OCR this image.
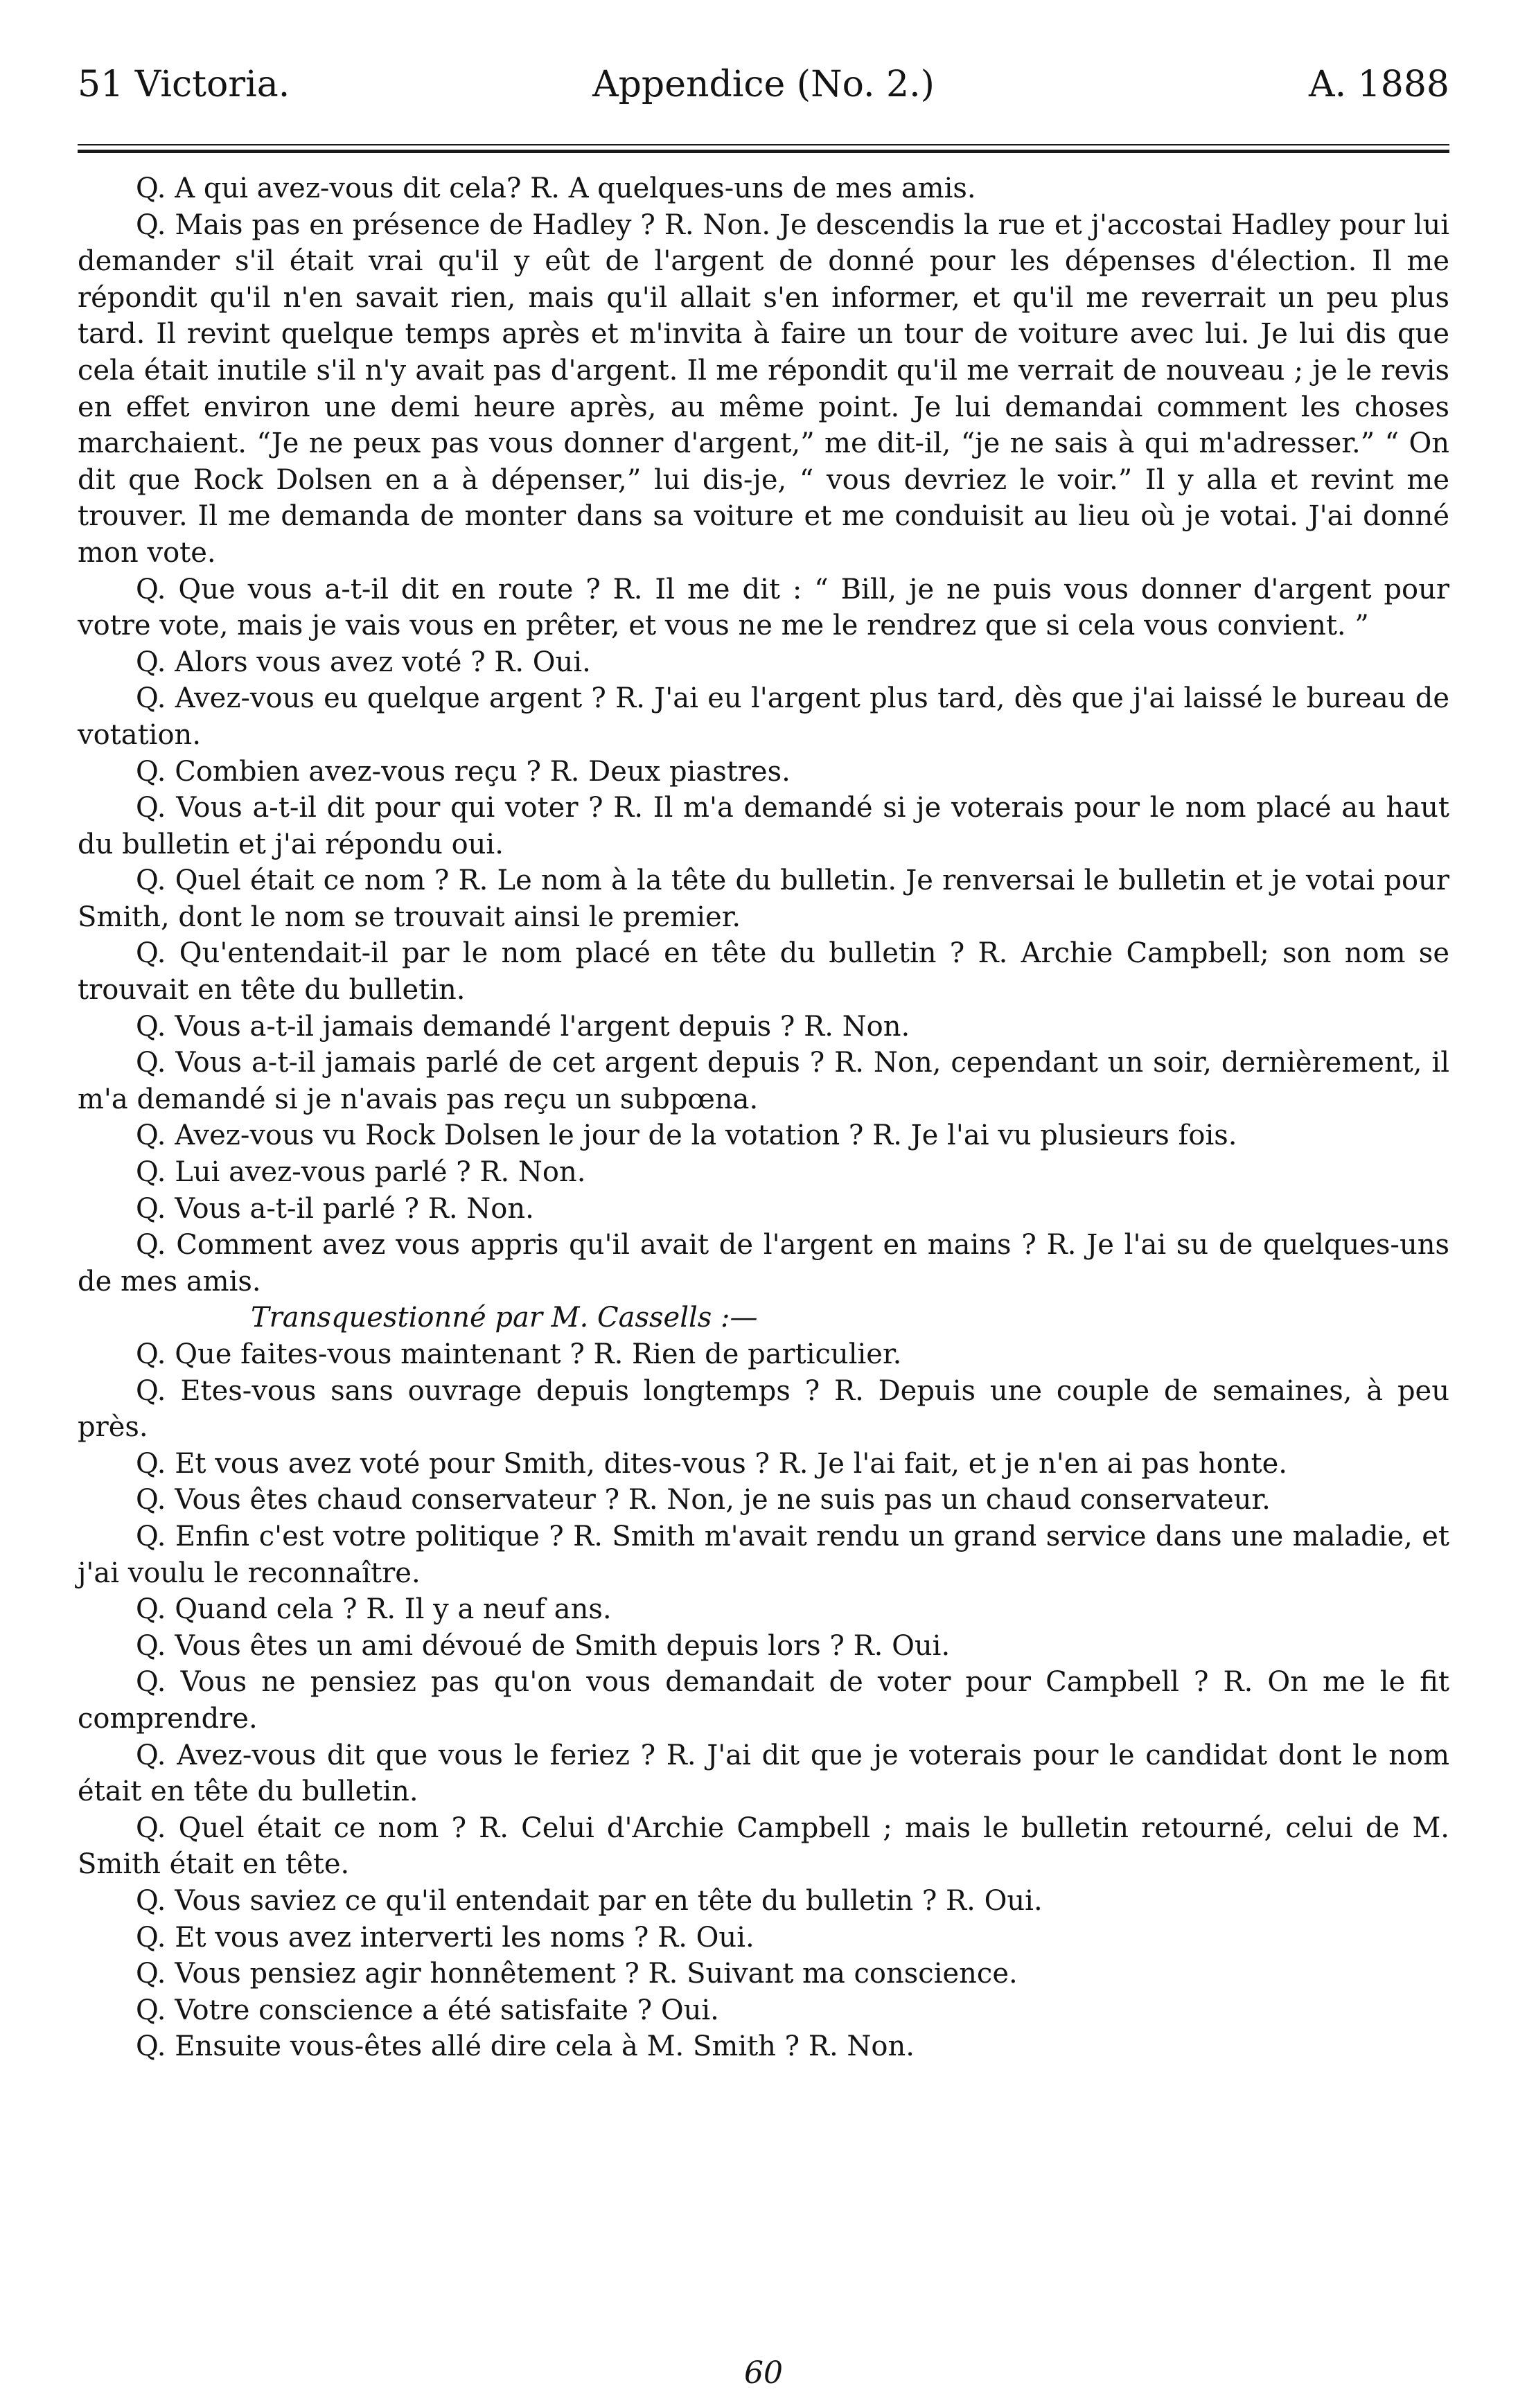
Appendice (No. 2.)
51 Victoria.	A. 1888

Q. A qui avez-vous dit cela? R. A quelques-uns de mes amis.

Q. Mais pas en présence de Hadley ? R. Non. Je descendis la rue et j'accostai Hadley pour lui demander s'il était vrai qu'il y eût de l'argent de donné pour les dépenses d'élection. Il me répondit qu'il n'en savait rien, mais qu'il allait s'en informer, et qu'il me reverrait un peu plus tard. Il revint quelque temps après et m'invita à faire un tour de voiture avec lui. Je lui dis que cela était inutile s'il n'y avait pas d'argent. Il me répondit qu'il me verrait de nouveau ; je le revis en effet environ une demi heure après, au même point. Je lui demandai comment les choses marchaient. “Je ne peux pas vous donner d'argent,” me dit-il, “je ne sais à qui m'adresser.” “ On dit que Rock Dolsen en a à dépenser,” lui dis-je, “ vous devriez le voir.” Il y alla et revint me trouver. Il me demanda de monter dans sa voiture et me conduisit au lieu où je votai. J'ai donné mon vote.

Q. Que vous a-t-il dit en route ? R. Il me dit : “ Bill, je ne puis vous donner d'argent pour votre vote, mais je vais vous en prêter, et vous ne me le rendrez que si cela vous convient. ”

Q. Alors vous avez voté ? R. Oui.

Q. Avez-vous eu quelque argent ? R. J'ai eu l'argent plus tard, dès que j'ai laissé le bureau de votation.

Q. Combien avez-vous reçu ? R. Deux piastres.

Q. Vous a-t-il dit pour qui voter ? R. Il m'a demandé si je voterais pour le nom placé au haut du bulletin et j'ai répondu oui.

Q. Quel était ce nom ? R. Le nom à la tête du bulletin. Je renversai le bulletin et je votai pour Smith, dont le nom se trouvait ainsi le premier.

Q. Qu'entendait-il par le nom placé en tête du bulletin ? R. Archie Campbell; son nom se trouvait en tête du bulletin.

Q. Vous a-t-il jamais demandé l'argent depuis ? R. Non.

Q. Vous a-t-il jamais parlé de cet argent depuis ? R. Non, cependant un soir, dernièrement, il m'a demandé si je n'avais pas reçu un subpœna.

Q. Avez-vous vu Rock Dolsen le jour de la votation ? R. Je l'ai vu plusieurs fois.

Q. Lui avez-vous parlé ? R. Non.

Q. Vous a-t-il parlé ? R. Non.

Q. Comment avez vous appris qu'il avait de l'argent en mains ? R. Je l'ai su de quelques-uns de mes amis.

Transquestionné par M. Cassells :—

Q. Que faites-vous maintenant ? R. Rien de particulier.

Q. Etes-vous sans ouvrage depuis longtemps ? R. Depuis une couple de semaines, à peu près.

Q. Et vous avez voté pour Smith, dites-vous ? R. Je l'ai fait, et je n'en ai pas honte.

Q. Vous êtes chaud conservateur ? R. Non, je ne suis pas un chaud conservateur.

Q. Enfin c'est votre politique ? R. Smith m'avait rendu un grand service dans une maladie, et j'ai voulu le reconnaître.

Q. Quand cela ? R. Il y a neuf ans.

Q. Vous êtes un ami dévoué de Smith depuis lors ? R. Oui.

Q. Vous ne pensiez pas qu'on vous demandait de voter pour Campbell ? R. On me le fit comprendre.

Q. Avez-vous dit que vous le feriez ? R. J'ai dit que je voterais pour le candidat dont le nom était en tête du bulletin.

Q. Quel était ce nom ? R. Celui d'Archie Campbell ; mais le bulletin retourné, celui de M. Smith était en tête.

Q. Vous saviez ce qu'il entendait par en tête du bulletin ? R. Oui.

Q. Et vous avez interverti les noms ? R. Oui.

Q. Vous pensiez agir honnêtement ? R. Suivant ma conscience.

Q. Votre conscience a été satisfaite ? Oui.

Q. Ensuite vous-êtes allé dire cela à M. Smith ? R. Non.

60
